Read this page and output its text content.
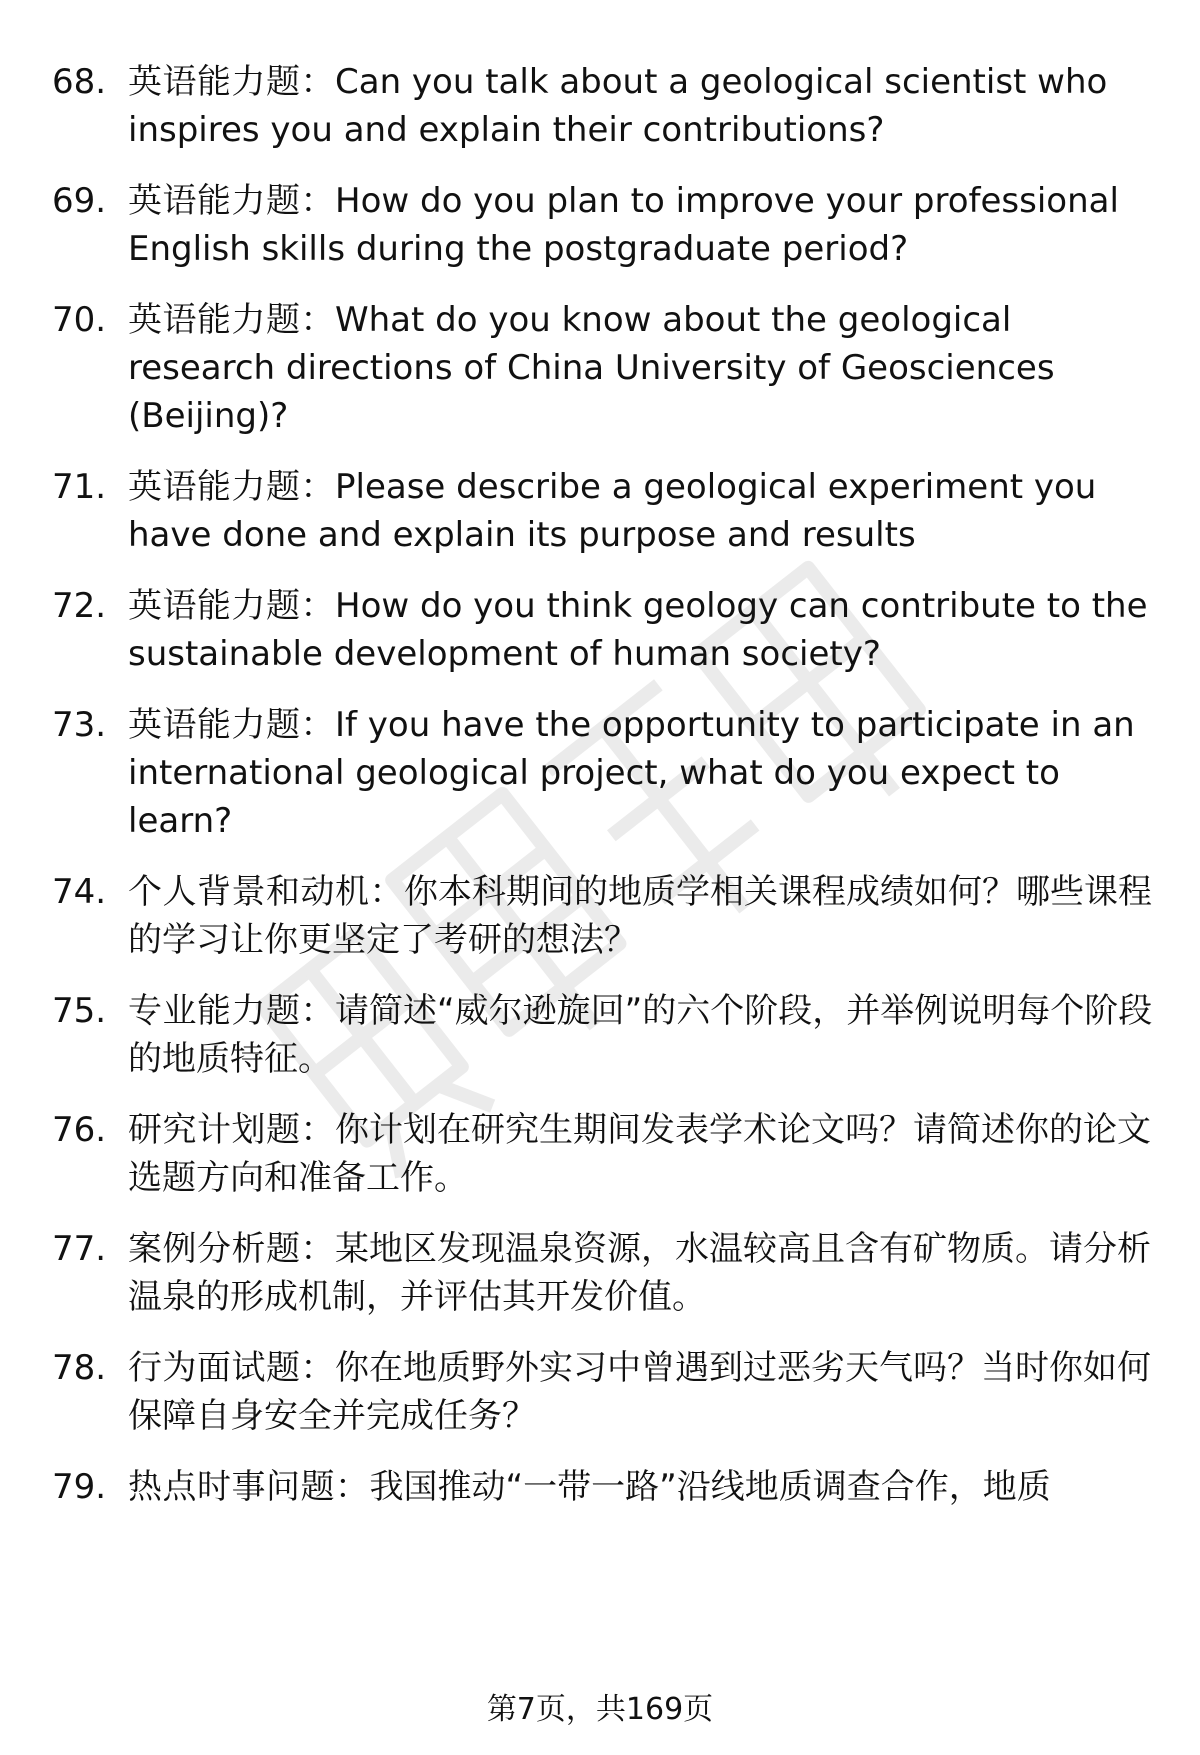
68. 英语能力题：Can you talk about a geological scientist who inspires you and explain their contributions?
69. 英语能力题：How do you plan to improve your professional English skills during the postgraduate period?
70. 英语能力题：What do you know about the geological research directions of China University of Geosciences (Beijing)?
71. 英语能力题：Please describe a geological experiment you have done and explain its purpose and results
72. 英语能力题：How do you think geology can contribute to the sustainable development of human society?
73. 英语能力题：If you have the opportunity to participate in an international geological project, what do you expect to learn?
74. 个人背景和动机：你本科期间的地质学相关课程成绩如何？哪些课程的学习让你更坚定了考研的想法？
75. 专业能力题：请简述“威尔逊旋回”的六个阶段，并举例说明每个阶段的地质特征。
76. 研究计划题：你计划在研究生期间发表学术论文吗？请简述你的论文选题方向和准备工作。
77. 案例分析题：某地区发现温泉资源，水温较高且含有矿物质。请分析温泉的形成机制，并评估其开发价值。
78. 行为面试题：你在地质野外实习中曾遇到过恶劣天气吗？当时你如何保障自身安全并完成任务？
79. 热点时事问题：我国推动“一带一路”沿线地质调查合作，地质
第7页，共169页
